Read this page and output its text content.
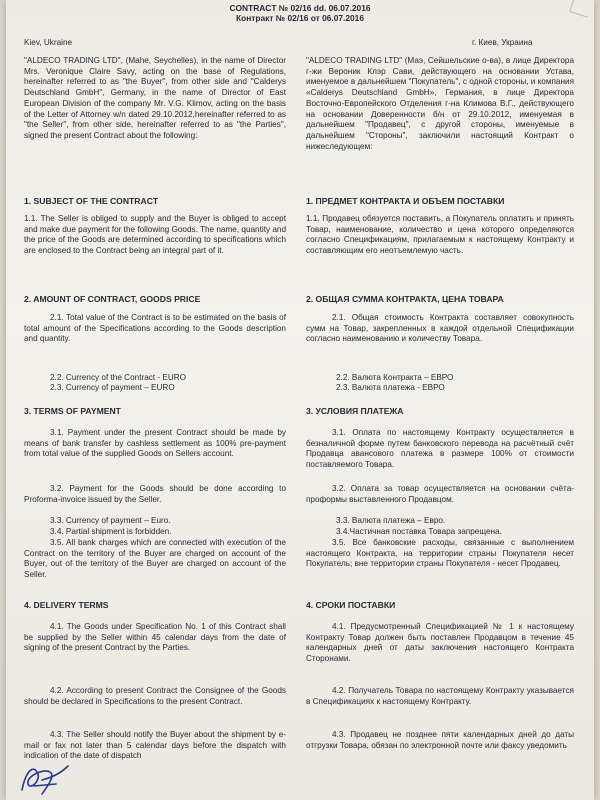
CONTRACT № 02/16 dd. 06.07.2016
Контракт № 02/16 от 06.07.2016
Kiev, Ukraine	г. Киев, Украина
"ALDECO TRADING LTD", (Mahe, Seychelles), in the name of Director Mrs. Veronique Claire Savy, acting on the base of Regulations, hereinafter referred to as "the Buyer", from other side and "Calderys Deutschland GmbH", Germany, in the name of Director of East European Division of the company Mr. V.G. Klimov, acting on the basis of the Letter of Attorney w/n dated 29.10.2012,hereinafter referred to as "the Seller", from other side, hereinafter referred to as "the Parties", signed the present Contract about the following:
"ALDECO TRADING LTD" (Маэ, Сейшельские о-ва), в лице Директора г-жи Вероник Клэр Сави, действующего на основании Устава, именуемое в дальнейшем "Покупатель", с одной стороны, и компания «Calderys Deutschland GmbH», Германия, в лице Директора Восточно-Европейского Отделения г-на Климова В.Г., действующего на основании Доверенности б/н от 29.10.2012, именуемая в дальнейшем "Продавец", с другой стороны, именуемые в дальнейшем "Стороны", заключили настоящий Контракт о нижеследующем:
1. SUBJECT OF THE CONTRACT	1. ПРЕДМЕТ КОНТРАКТА И ОБЪЕМ ПОСТАВКИ
1.1. The Seller is obliged to supply and the Buyer is obliged to accept and make due payment for the following Goods. The name, quantity and the price of the Goods are determined according to specifications which are enclosed to the Contract being an integral part of it.
1.1. Продавец обязуется поставить, а Покупатель оплатить и принять Товар, наименование, количество и цена которого определяются согласно Спецификациям, прилагаемым к настоящему Контракту и составляющим его неотъемлемую часть.
2. AMOUNT OF CONTRACT, GOODS PRICE	2. ОБЩАЯ СУММА КОНТРАКТА, ЦЕНА ТОВАРА
2.1. Total value of the Contract is to be estimated on the basis of total amount of the Specifications according to the Goods description and quantity.
2.1. Общая стоимость Контракта составляет совокупность сумм на Товар, закрепленных в каждой отдельной Спецификации согласно наименованию и количеству Товара.
2.2. Currency of the Contract - EURO
2.3. Currency of payment – EURO
2.2. Валюта Контракта – ЕВРО
2.3. Валюта платежа - ЕВРО
3. TERMS OF PAYMENT	3. УСЛОВИЯ ПЛАТЕЖА
3.1. Payment under the present Contract should be made by means of bank transfer by cashless settlement as 100% pre-payment from total value of the supplied Goods on Sellers account.
3.1. Оплата по настоящему Контракту осуществляется в безналичной форме путем банковского перевода на расчётный счёт Продавца авансового платежа в размере 100% от стоимости поставляемого Товара.
3.2. Payment for the Goods should be done according to Proforma-invoice issued by the Seller.
3.2. Оплата за товар осуществляется на основании счёта-проформы выставленного Продавцом.
3.3. Currency of payment – Euro.	3.3. Валюта платежа – Евро.
3.4. Partial shipment is forbidden.	3.4.Частичная поставка Товара запрещена.
3.5. All bank charges which are connected with execution of the Contract on the territory of the Buyer are charged on account of the Buyer, out of the territory of the Buyer are charged on account of the Seller.
3.5. Все банковские расходы, связанные с выполнением настоящего Контракта, на территории страны Покупателя несет Покупатель; вне территории страны Покупателя - несет Продавец.
4. DELIVERY TERMS	4. СРОКИ ПОСТАВКИ
4.1. The Goods under Specification No. 1 of this Contract shall be supplied by the Seller within 45 calendar days from the date of signing of the present Contract by the Parties.
4.1. Предусмотренный Спецификацией № 1 к настоящему Контракту Товар должен быть поставлен Продавцом в течение 45 календарных дней от даты заключения настоящего Контракта Сторонами.
4.2. According to present Contract the Consignee of the Goods should be declared in Specifications to the present Contract.
4.2. Получатель Товара по настоящему Контракту указывается в Спецификациях к настоящему Контракту.
4.3. The Seller should notify the Buyer about the shipment by e-mail or fax not later than 5 calendar days before the dispatch with indication of the date of dispatch
4.3. Продавец не позднее пяти календарных дней до даты отгрузки Товара, обязан по электронной почте или факсу уведомить
